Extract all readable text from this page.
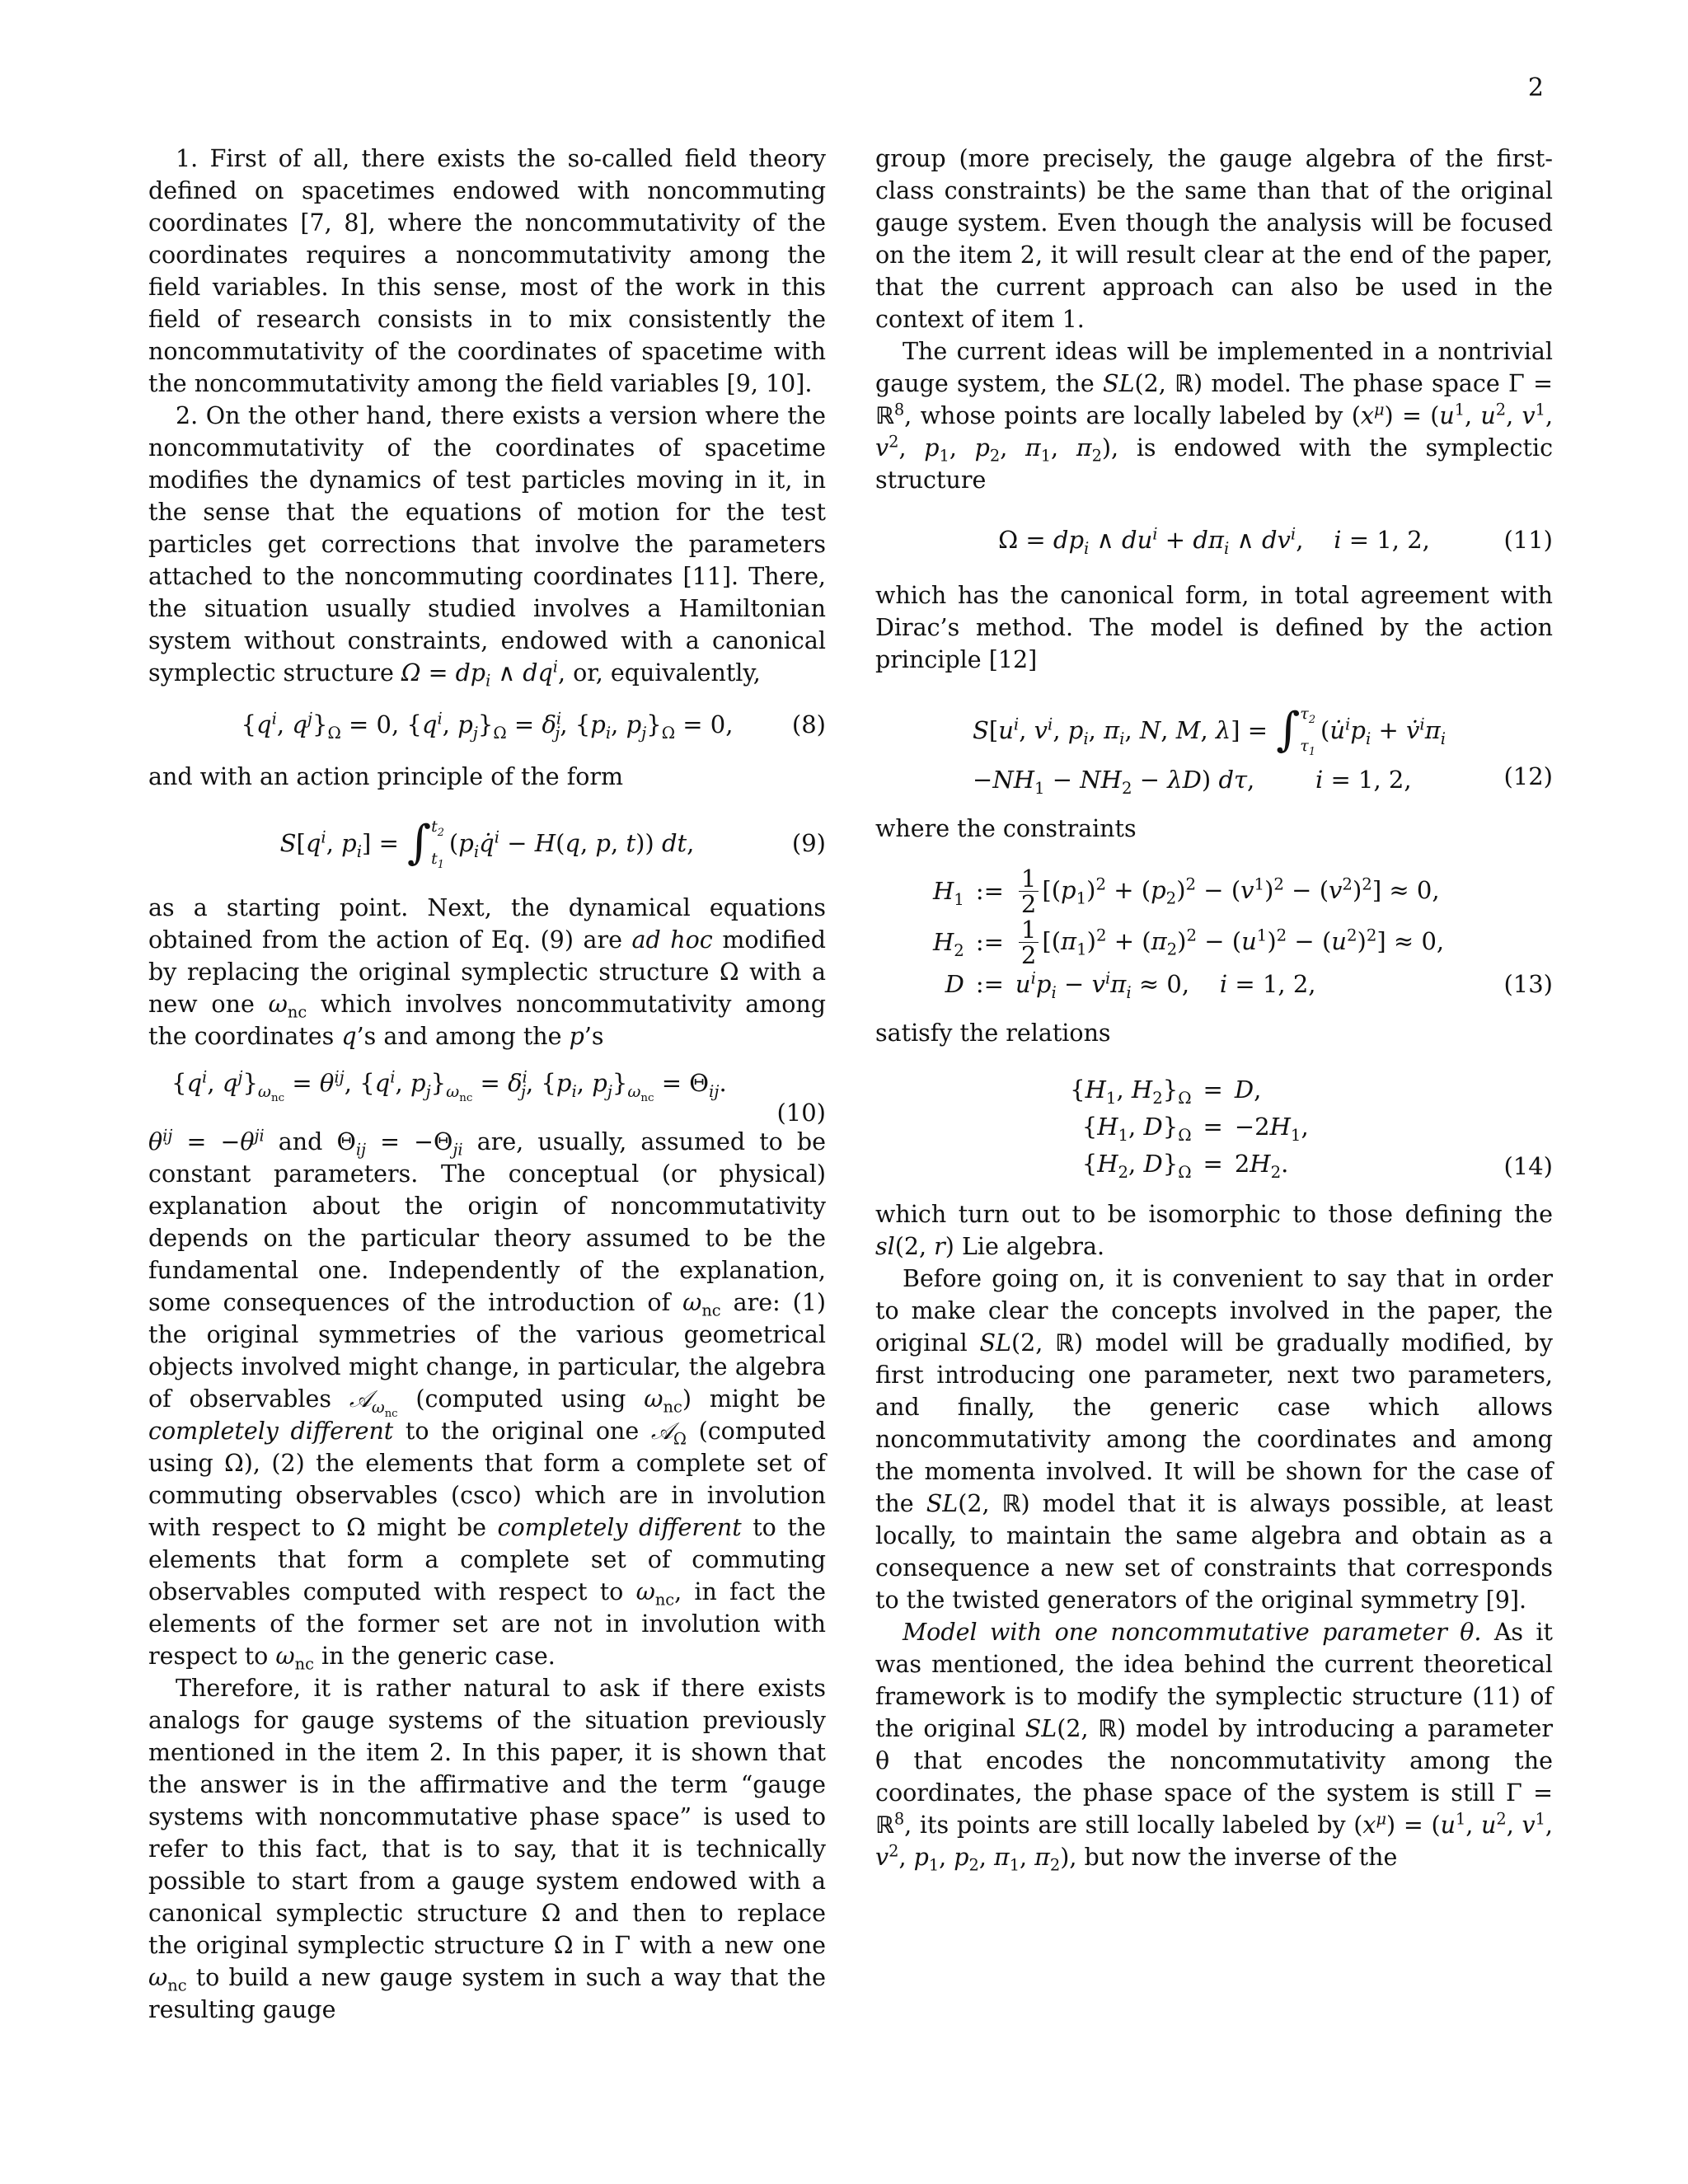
2

1. First of all, there exists the so-called field theory defined on spacetimes endowed with noncommuting coordinates [7, 8], where the noncommutativity of the coordinates requires a noncommutativity among the field variables. In this sense, most of the work in this field of research consists in to mix consistently the noncommutativity of the coordinates of spacetime with the noncommutativity among the field variables [9, 10].

2. On the other hand, there exists a version where the noncommutativity of the coordinates of spacetime modifies the dynamics of test particles moving in it, in the sense that the equations of motion for the test particles get corrections that involve the parameters attached to the noncommuting coordinates [11]. There, the situation usually studied involves a Hamiltonian system without constraints, endowed with a canonical symplectic structure $\Omega = dp_i$ ∧ $dq^i$, or, equivalently,

{$q^i$, $q^j\}_\Omega = 0$, {$q^i$, $p_j\}_\Omega = \delta^i_j$, {$p_i$, $p_j\}_\Omega = 0$, (8)

and with an action principle of the form

$S[q^i$, $p_i$] = ∫ $t_2$
$t_1$
($p_iq̇^i - H(q$, p, t)) dt,	(9)

as a starting point. Next, the dynamical equations obtained from the action of Eq. (9) are ad hoc modified by replacing the original symplectic structure Ω with a new one $\omega_{nc}$ which involves noncommutativity among the coordinates q’s and among the p’s

{$q^i$, $q^j\}_{\omega_{nc}} = \theta^{ij}$, {$q^i$, $p_j\}_{\omega_{nc}} = \delta^i_j$, {$p_i$, $p_j\}_{\omega_{nc}} = \Theta_{ij}$.
(10)

$\theta^{ij} = -\theta^{ji}$ and $\Theta_{ij} = -\Theta_{ji}$ are, usually, assumed to be constant parameters. The conceptual (or physical) explanation about the origin of noncommutativity depends on the particular theory assumed to be the fundamental one. Independently of the explanation, some consequences of the introduction of $\omega_{nc}$ are: (1) the original symmetries of the various geometrical objects involved might change, in particular, the algebra of observables 𝒜$_{\omega_{nc}}$ (computed using $\omega_{nc}$) might be completely different to the original one 𝒜$_\Omega$ (computed using Ω), (2) the elements that form a complete set of commuting observables (csco) which are in involution with respect to Ω might be completely different to the elements that form a complete set of commuting observables computed with respect to $\omega_{nc}$, in fact the elements of the former set are not in involution with respect to $\omega_{nc}$ in the generic case.

Therefore, it is rather natural to ask if there exists analogs for gauge systems of the situation previously mentioned in the item 2. In this paper, it is shown that the answer is in the affirmative and the term “gauge systems with noncommutative phase space” is used to refer to this fact, that is to say, that it is technically possible to start from a gauge system endowed with a canonical symplectic structure Ω and then to replace the original symplectic structure Ω in Γ with a new one $\omega_{nc}$ to build a new gauge system in such a way that the resulting gauge

group (more precisely, the gauge algebra of the first-class constraints) be the same than that of the original gauge system. Even though the analysis will be focused on the item 2, it will result clear at the end of the paper, that the current approach can also be used in the context of item 1.

The current ideas will be implemented in a nontrivial gauge system, the SL(2, ℝ) model. The phase space Γ = ℝ$^8$, whose points are locally labeled by $(x^\mu) = (u^1$, $u^2$, $v^1$, $v^2$, $p_1$, $p_2$, $\pi_1$, $\pi_2$), is endowed with the symplectic structure

$\Omega = dp_i$ ∧ $du^i + d\pi_i$ ∧ $dv^i$,    i = 1, 2,	(11)

which has the canonical form, in total agreement with Dirac’s method. The model is defined by the action principle [12]

$S[u^i$, $v^i$, $p_i$, $\pi_i$, N, M, λ] = ∫ $\tau_2$
$\tau_1$
($u̇^ip_i$ + $v̇^i\pi_i$
$-NH_1 - NH_2 - \lambda D$) dτ,        i = 1, 2,	(12)

where the constraints

$H_1$ := $\frac{1}{2} [(p_1)^2 + (p_2)^2 - (v^1)^2 - (v^2)^2] \approx 0$,
$H_2$ := $\frac{1}{2} [(\pi_1)^2 + (\pi_2)^2 - (u^1)^2 - (u^2)^2] \approx 0$,
D := $u^ip_i - v^i\pi_i \approx 0$,    i = 1, 2,	(13)

satisfy the relations

{$H_1$, $H_2\}_\Omega = D$,
{$H_1$, $D\}_\Omega = -2H_1$,
{$H_2$, $D\}_\Omega = 2H_2$.	(14)

which turn out to be isomorphic to those defining the sl(2, r) Lie algebra.

Before going on, it is convenient to say that in order to make clear the concepts involved in the paper, the original SL(2, ℝ) model will be gradually modified, by first introducing one parameter, next two parameters, and finally, the generic case which allows noncommutativity among the coordinates and among the momenta involved. It will be shown for the case of the SL(2, ℝ) model that it is always possible, at least locally, to maintain the same algebra and obtain as a consequence a new set of constraints that corresponds to the twisted generators of the original symmetry [9].

Model with one noncommutative parameter θ. As it was mentioned, the idea behind the current theoretical framework is to modify the symplectic structure (11) of the original SL(2, ℝ) model by introducing a parameter θ that encodes the noncommutativity among the coordinates, the phase space of the system is still Γ = ℝ$^8$, its points are still locally labeled by $(x^\mu) = (u^1$, $u^2$, $v^1$, $v^2$, $p_1$, $p_2$, $\pi_1$, $\pi_2$), but now the inverse of the
